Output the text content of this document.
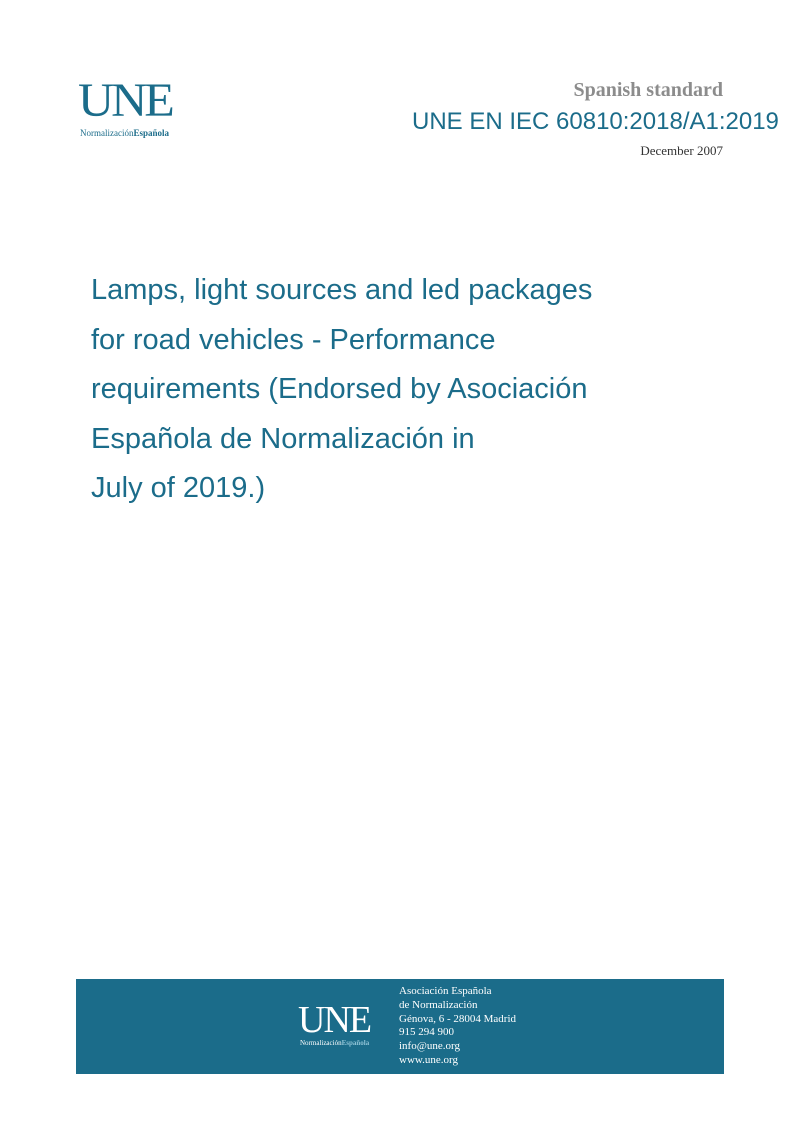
UNE
NormalizaciónEspañola
Spanish standard
UNE EN IEC 60810:2018/A1:2019
December 2007
Lamps, light sources and led packages
for road vehicles - Performance
requirements (Endorsed by Asociación
Española de Normalización in
July of 2019.)
UNE
NormalizaciónEspañola
Asociación Española
de Normalización
Génova, 6 - 28004 Madrid
915 294 900
info@une.org
www.une.org
